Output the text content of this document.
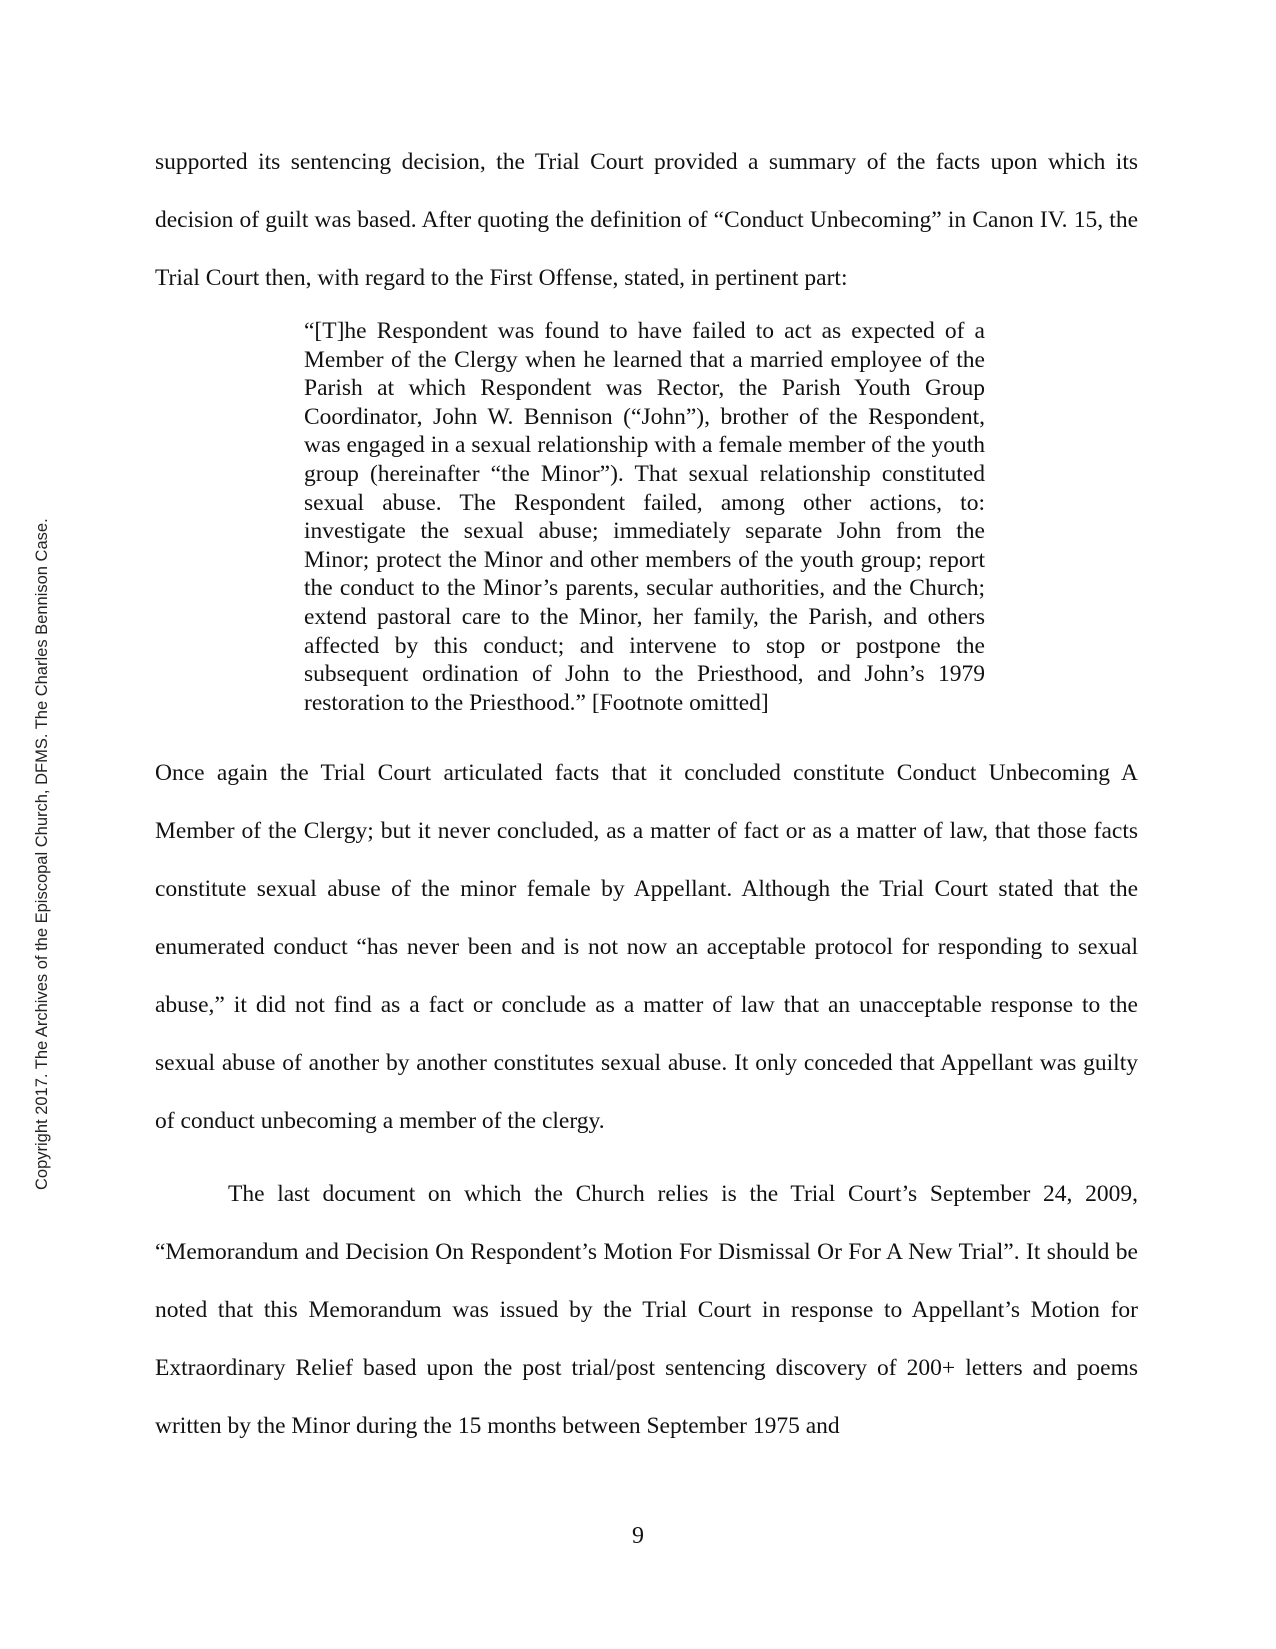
Copyright 2017. The Archives of the Episcopal Church, DFMS. The Charles Bennison Case.

supported its sentencing decision, the Trial Court provided a summary of the facts upon which its decision of guilt was based. After quoting the definition of “Conduct Unbecoming” in Canon IV. 15, the Trial Court then, with regard to the First Offense, stated, in pertinent part:

“[T]he Respondent was found to have failed to act as expected of a Member of the Clergy when he learned that a married employee of the Parish at which Respondent was Rector, the Parish Youth Group Coordinator, John W. Bennison (“John”), brother of the Respondent, was engaged in a sexual relationship with a female member of the youth group (hereinafter “the Minor”). That sexual relationship constituted sexual abuse. The Respondent failed, among other actions, to: investigate the sexual abuse; immediately separate John from the Minor; protect the Minor and other members of the youth group; report the conduct to the Minor’s parents, secular authorities, and the Church; extend pastoral care to the Minor, her family, the Parish, and others affected by this conduct; and intervene to stop or postpone the subsequent ordination of John to the Priesthood, and John’s 1979 restoration to the Priesthood.” [Footnote omitted]

Once again the Trial Court articulated facts that it concluded constitute Conduct Unbecoming A Member of the Clergy; but it never concluded, as a matter of fact or as a matter of law, that those facts constitute sexual abuse of the minor female by Appellant. Although the Trial Court stated that the enumerated conduct “has never been and is not now an acceptable protocol for responding to sexual abuse,” it did not find as a fact or conclude as a matter of law that an unacceptable response to the sexual abuse of another by another constitutes sexual abuse. It only conceded that Appellant was guilty of conduct unbecoming a member of the clergy.

The last document on which the Church relies is the Trial Court’s September 24, 2009, “Memorandum and Decision On Respondent’s Motion For Dismissal Or For A New Trial”. It should be noted that this Memorandum was issued by the Trial Court in response to Appellant’s Motion for Extraordinary Relief based upon the post trial/post sentencing discovery of 200+ letters and poems written by the Minor during the 15 months between September 1975 and

9
